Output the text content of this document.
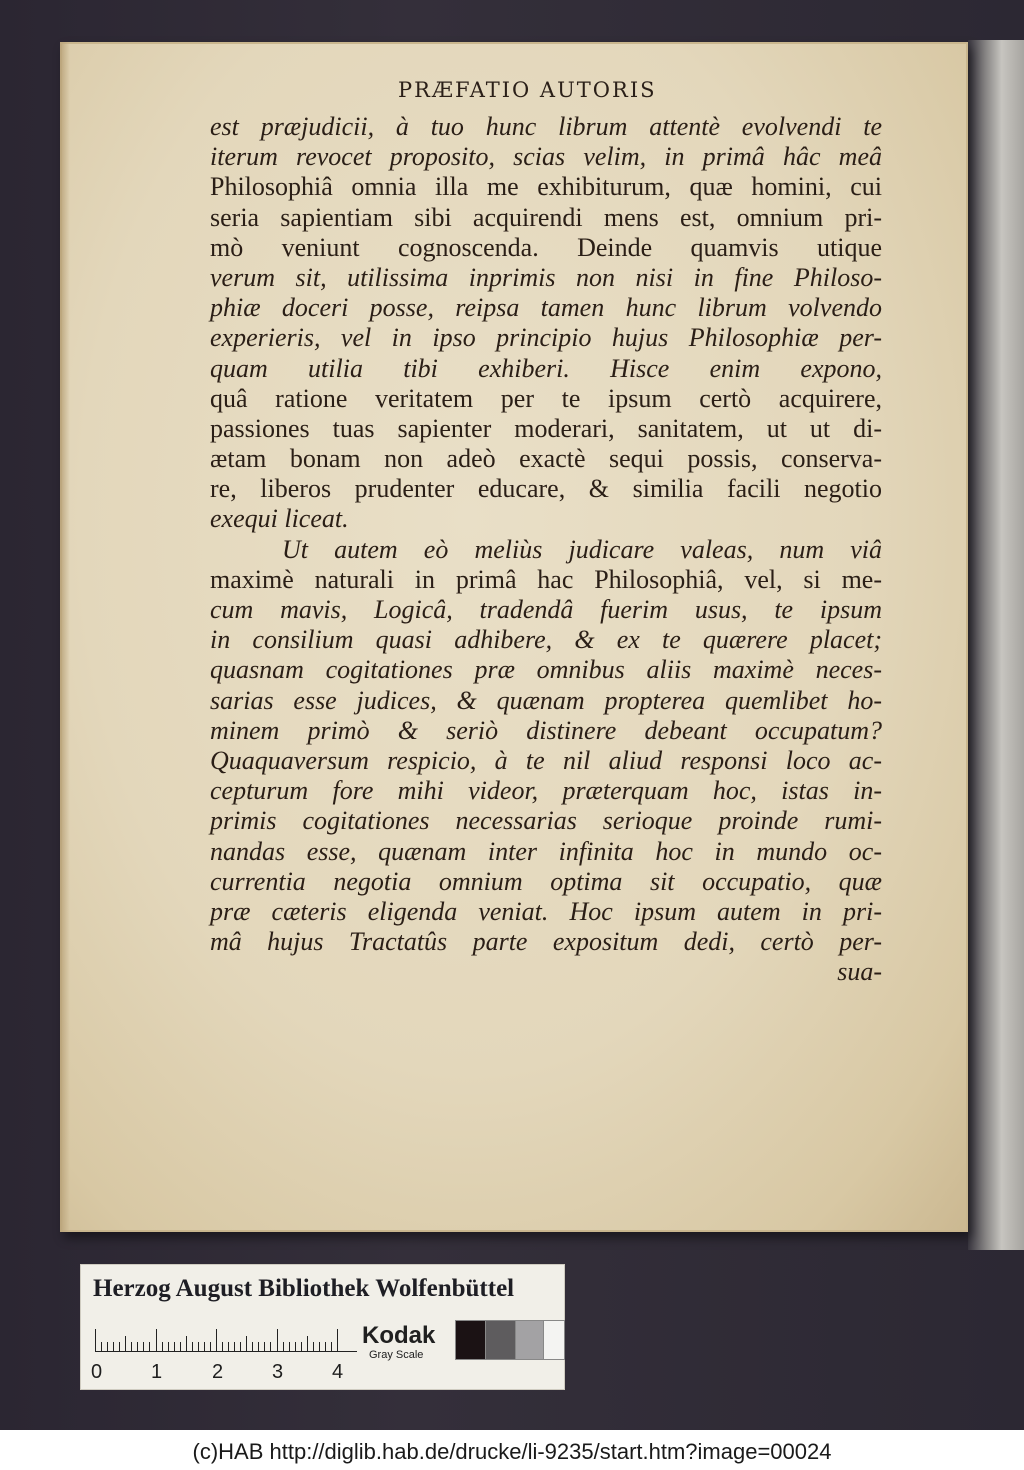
PRÆFATIO AUTORIS
est præjudicii, à tuo hunc librum attentè evolvendi te
iterum revocet proposito, scias velim, in primâ hâc meâ
Philosophiâ omnia illa me exhibiturum, quæ homini, cui
seria sapientiam sibi acquirendi mens est, omnium pri-
mò veniunt cognoscenda. Deinde quamvis utique
verum sit, utilissima inprimis non nisi in fine Philoso-
phiæ doceri posse, reipsa tamen hunc librum volvendo
experieris, vel in ipso principio hujus Philosophiæ per-
quam utilia tibi exhiberi. Hisce enim expono,
quâ ratione veritatem per te ipsum certò acquirere,
passiones tuas sapienter moderari, sanitatem, ut ut di-
ætam bonam non adeò exactè sequi possis, conserva-
re, liberos prudenter educare, & similia facili negotio
exequi liceat.
Ut autem eò meliùs judicare valeas, num viâ
maximè naturali in primâ hac Philosophiâ, vel, si me-
cum mavis, Logicâ, tradendâ fuerim usus, te ipsum
in consilium quasi adhibere, & ex te quærere placet;
quasnam cogitationes præ omnibus aliis maximè neces-
sarias esse judices, & quænam propterea quemlibet ho-
minem primò & seriò distinere debeant occupatum?
Quaquaversum respicio, à te nil aliud responsi loco ac-
cepturum fore mihi videor, præterquam hoc, istas in-
primis cogitationes necessarias serioque proinde rumi-
nandas esse, quænam inter infinita hoc in mundo oc-
currentia negotia omnium optima sit occupatio, quæ
præ cæteris eligenda veniat. Hoc ipsum autem in pri-
mâ hujus Tractatûs parte expositum dedi, certò per-
sua-
Herzog August Bibliothek Wolfenbüttel
0 1 2 3 4
Kodak
Gray Scale
(c)HAB http://diglib.hab.de/drucke/li-9235/start.htm?image=00024
